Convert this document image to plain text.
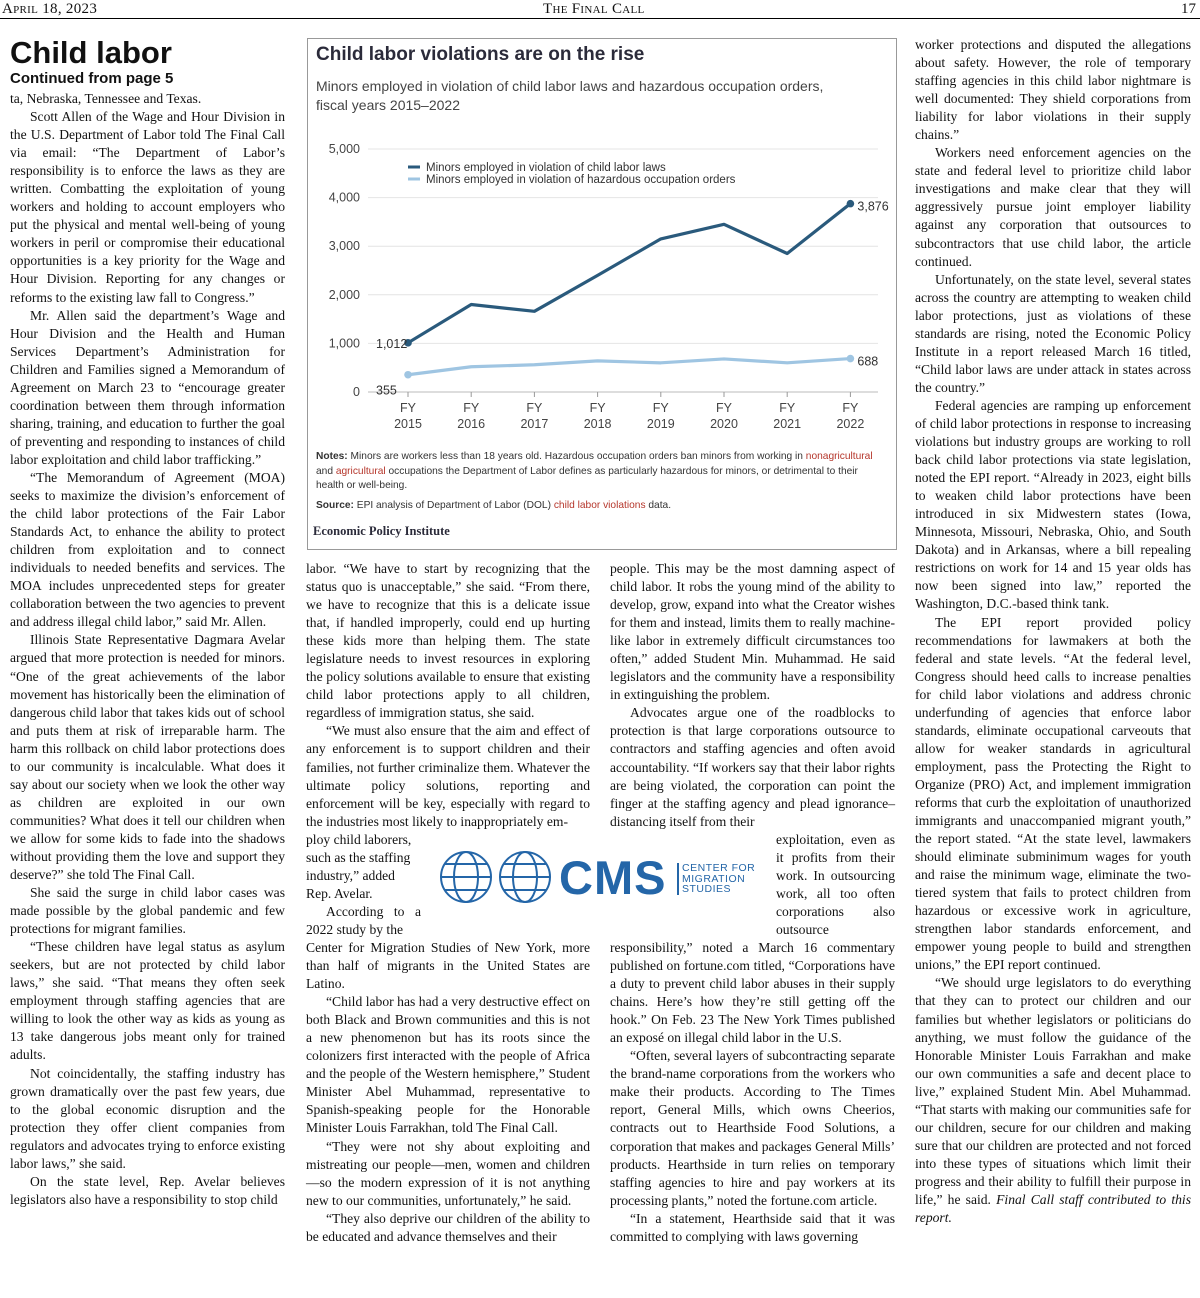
April 18, 2023	The Final Call	17
Child labor
Continued from page 5

ta, Nebraska, Tennessee and Texas.

Scott Allen of the Wage and Hour Division in the U.S. Department of Labor told The Final Call via email: “The Department of Labor’s responsibility is to enforce the laws as they are written. Combatting the exploitation of young workers and holding to account employers who put the physical and mental well-being of young workers in peril or compromise their educational opportunities is a key priority for the Wage and Hour Division. Reporting for any changes or reforms to the existing law fall to Congress.”

Mr. Allen said the department’s Wage and Hour Division and the Health and Human Services Department’s Administration for Children and Families signed a Memorandum of Agreement on March 23 to “encourage greater coordination between them through information sharing, training, and education to further the goal of preventing and responding to instances of child labor exploitation and child labor trafficking.”

“The Memorandum of Agreement (MOA) seeks to maximize the division’s enforcement of the child labor protections of the Fair Labor Standards Act, to enhance the ability to protect children from exploitation and to connect individuals to needed benefits and services. The MOA includes unprecedented steps for greater collaboration between the two agencies to prevent and address illegal child labor,” said Mr. Allen.

Illinois State Representative Dagmara Avelar argued that more protection is needed for minors. “One of the great achievements of the labor movement has historically been the elimination of dangerous child labor that takes kids out of school and puts them at risk of irreparable harm. The harm this rollback on child labor protections does to our community is incalculable. What does it say about our society when we look the other way as children are exploited in our own communities? What does it tell our children when we allow for some kids to fade into the shadows without providing them the love and support they deserve?” she told The Final Call.

She said the surge in child labor cases was made possible by the global pandemic and few protections for migrant families.

“These children have legal status as asylum seekers, but are not protected by child labor laws,” she said. “That means they often seek employment through staffing agencies that are willing to look the other way as kids as young as 13 take dangerous jobs meant only for trained adults.

Not coincidentally, the staffing industry has grown dramatically over the past few years, due to the global economic disruption and the protection they offer client companies from regulators and advocates trying to enforce existing labor laws,” she said.

On the state level, Rep. Avelar believes legislators also have a responsibility to stop child

Child labor violations are on the rise
Minors employed in violation of child labor laws and hazardous occupation orders, fiscal years 2015–2022
5,000
4,000
3,000
2,000
1,000
0
FY
2015
FY
2016
FY
2017
FY
2018
FY
2019
FY
2020
FY
2021
FY
2022
Minors employed in violation of child labor laws
Minors employed in violation of hazardous occupation orders
1,012
3,876
355
688
Notes: Minors are workers less than 18 years old. Hazardous occupation orders ban minors from working in nonagricultural and agricultural occupations the Department of Labor defines as particularly hazardous for minors, or detrimental to their health or well-being.
Source: EPI analysis of Department of Labor (DOL) child labor violations data.
Economic Policy Institute

labor. “We have to start by recognizing that the status quo is unacceptable,” she said. “From there, we have to recognize that this is a delicate issue that, if handled improperly, could end up hurting these kids more than helping them. The state legislature needs to invest resources in exploring the policy solutions available to ensure that existing child labor protections apply to all children, regardless of immigration status, she said.

“We must also ensure that the aim and effect of any enforcement is to support children and their families, not further criminalize them. Whatever the ultimate policy solutions, reporting and enforcement will be key, especially with regard to the industries most likely to inappropriately em-

ploy child laborers, such as the staffing industry,” added Rep. Avelar.

According to a 2022 study by the

Center for Migration Studies of New York, more than half of migrants in the United States are Latino.

“Child labor has had a very destructive effect on both Black and Brown communities and this is not a new phenomenon but has its roots since the colonizers first interacted with the people of Africa and the people of the Western hemisphere,” Student Minister Abel Muhammad, representative to Spanish-speaking people for the Honorable Minister Louis Farrakhan, told The Final Call.

“They were not shy about exploiting and mistreating our people—men, women and children—so the modern expression of it is not anything new to our communities, unfortunately,” he said.

“They also deprive our children of the ability to be educated and advance themselves and their

people. This may be the most damning aspect of child labor. It robs the young mind of the ability to develop, grow, expand into what the Creator wishes for them and instead, limits them to really machine-like labor in extremely difficult circumstances too often,” added Student Min. Muhammad. He said legislators and the community have a responsibility in extinguishing the problem.

Advocates argue one of the roadblocks to protection is that large corporations outsource to contractors and staffing agencies and often avoid accountability. “If workers say that their labor rights are being violated, the corporation can point the finger at the staffing agency and plead ignorance–distancing itself from their

exploitation, even as it profits from their work. In outsourcing work, all too often corporations also outsource

responsibility,” noted a March 16 commentary published on fortune.com titled, “Corporations have a duty to prevent child labor abuses in their supply chains. Here’s how they’re still getting off the hook.” On Feb. 23 The New York Times published an exposé on illegal child labor in the U.S.

“Often, several layers of subcontracting separate the brand-name corporations from the workers who make their products. According to The Times report, General Mills, which owns Cheerios, contracts out to Hearthside Food Solutions, a corporation that makes and packages General Mills’ products. Hearthside in turn relies on temporary staffing agencies to hire and pay workers at its processing plants,” noted the fortune.com article.

“In a statement, Hearthside said that it was committed to complying with laws governing

CMS CENTER FOR
MIGRATION
STUDIES

worker protections and disputed the allegations about safety. However, the role of temporary staffing agencies in this child labor nightmare is well documented: They shield corporations from liability for labor violations in their supply chains.”

Workers need enforcement agencies on the state and federal level to prioritize child labor investigations and make clear that they will aggressively pursue joint employer liability against any corporation that outsources to subcontractors that use child labor, the article continued.

Unfortunately, on the state level, several states across the country are attempting to weaken child labor protections, just as violations of these standards are rising, noted the Economic Policy Institute in a report released March 16 titled, “Child labor laws are under attack in states across the country.”

Federal agencies are ramping up enforcement of child labor protections in response to increasing violations but industry groups are working to roll back child labor protections via state legislation, noted the EPI report. “Already in 2023, eight bills to weaken child labor protections have been introduced in six Midwestern states (Iowa, Minnesota, Missouri, Nebraska, Ohio, and South Dakota) and in Arkansas, where a bill repealing restrictions on work for 14 and 15 year olds has now been signed into law,” reported the Washington, D.C.-based think tank.

The EPI report provided policy recommendations for lawmakers at both the federal and state levels. “At the federal level, Congress should heed calls to increase penalties for child labor violations and address chronic underfunding of agencies that enforce labor standards, eliminate occupational carveouts that allow for weaker standards in agricultural employment, pass the Protecting the Right to Organize (PRO) Act, and implement immigration reforms that curb the exploitation of unauthorized immigrants and unaccompanied migrant youth,” the report stated. “At the state level, lawmakers should eliminate subminimum wages for youth and raise the minimum wage, eliminate the two-tiered system that fails to protect children from hazardous or excessive work in agriculture, strengthen labor standards enforcement, and empower young people to build and strengthen unions,” the EPI report continued.

“We should urge legislators to do everything that they can to protect our children and our families but whether legislators or politicians do anything, we must follow the guidance of the Honorable Minister Louis Farrakhan and make our own communities a safe and decent place to live,” explained Student Min. Abel Muhammad. “That starts with making our communities safe for our children, secure for our children and making sure that our children are protected and not forced into these types of situations which limit their progress and their ability to fulfill their purpose in life,” he said. Final Call staff contributed to this report.
